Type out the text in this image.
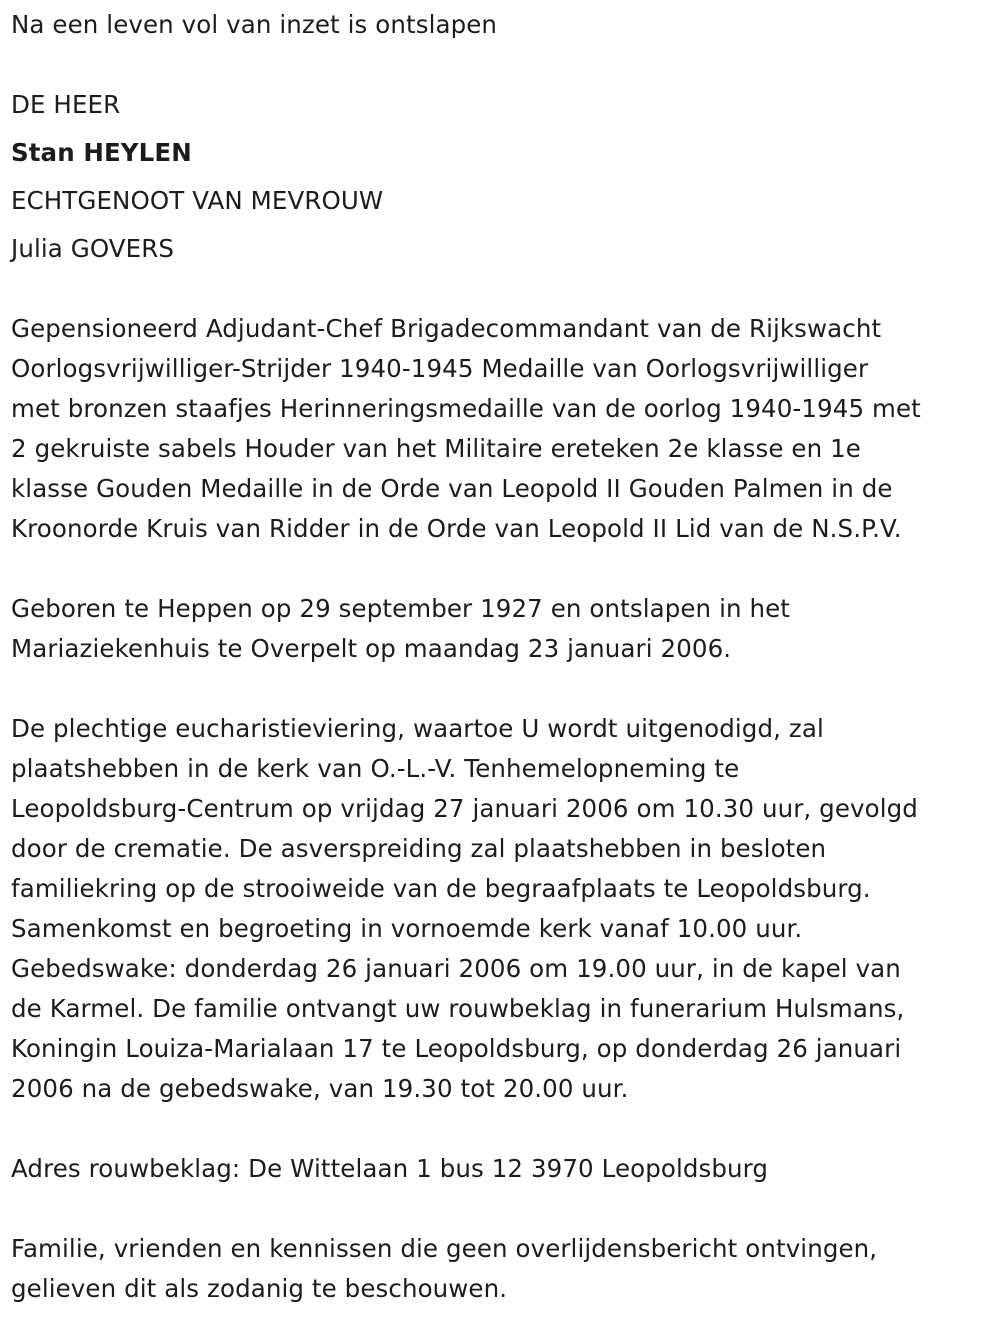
Na een leven vol van inzet is ontslapen
DE HEER
Stan HEYLEN
ECHTGENOOT VAN MEVROUW
Julia GOVERS
Gepensioneerd Adjudant-Chef Brigadecommandant van de Rijkswacht
Oorlogsvrijwilliger-Strijder 1940-1945 Medaille van Oorlogsvrijwilliger
met bronzen staafjes Herinneringsmedaille van de oorlog 1940-1945 met
2 gekruiste sabels Houder van het Militaire ereteken 2e klasse en 1e
klasse Gouden Medaille in de Orde van Leopold II Gouden Palmen in de
Kroonorde Kruis van Ridder in de Orde van Leopold II Lid van de N.S.P.V.
Geboren te Heppen op 29 september 1927 en ontslapen in het
Mariaziekenhuis te Overpelt op maandag 23 januari 2006.
De plechtige eucharistieviering, waartoe U wordt uitgenodigd, zal
plaatshebben in de kerk van O.-L.-V. Tenhemelopneming te
Leopoldsburg-Centrum op vrijdag 27 januari 2006 om 10.30 uur, gevolgd
door de crematie. De asverspreiding zal plaatshebben in besloten
familiekring op de strooiweide van de begraafplaats te Leopoldsburg.
Samenkomst en begroeting in vornoemde kerk vanaf 10.00 uur.
Gebedswake: donderdag 26 januari 2006 om 19.00 uur, in de kapel van
de Karmel. De familie ontvangt uw rouwbeklag in funerarium Hulsmans,
Koningin Louiza-Marialaan 17 te Leopoldsburg, op donderdag 26 januari
2006 na de gebedswake, van 19.30 tot 20.00 uur.
Adres rouwbeklag: De Wittelaan 1 bus 12 3970 Leopoldsburg
Familie, vrienden en kennissen die geen overlijdensbericht ontvingen,
gelieven dit als zodanig te beschouwen.
